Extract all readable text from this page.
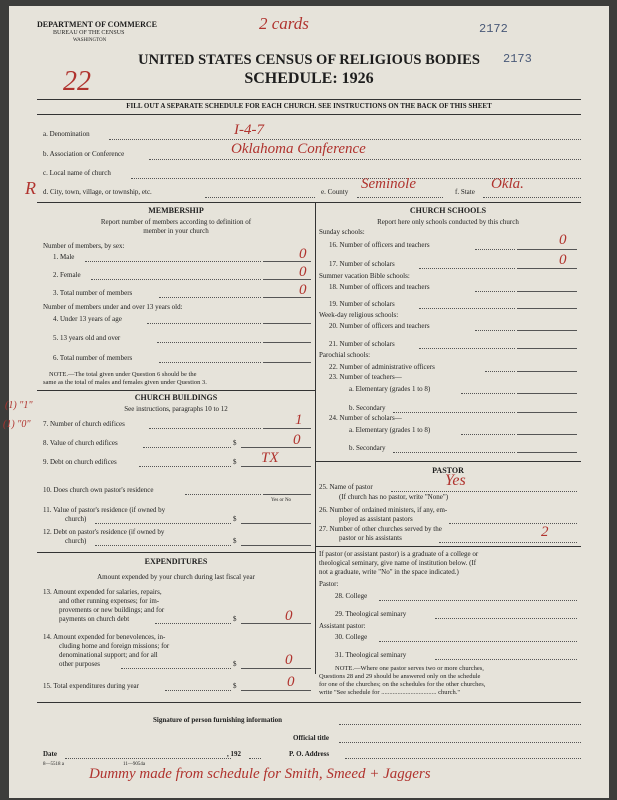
DEPARTMENT OF COMMERCE
BUREAU OF THE CENSUS
WASHINGTON
2 cards	2172
2173
UNITED STATES CENSUS OF RELIGIOUS BODIES
SCHEDULE: 1926
22
FILL OUT A SEPARATE SCHEDULE FOR EACH CHURCH. SEE INSTRUCTIONS ON THE BACK OF THIS SHEET
a. Denomination	I-4-7
b. Association or Conference	Oklahoma Conference
c. Local name of church
R d. City, town, village, or township, etc.	e. County Seminole	f. State Okla.
MEMBERSHIP
Report number of members according to definition of
member in your church
Number of members, by sex:
1. Male	0
2. Female	0
3. Total number of members	0
Number of members under and over 13 years old:
4. Under 13 years of age
5. 13 years old and over
6. Total number of members
NOTE.—The total given under Question 6 should be the
same as the total of males and females given under Question 3.
CHURCH BUILDINGS
See instructions, paragraphs 10 to 12
(1) "1"
(1) "0" 7. Number of church edifices	1
8. Value of church edifices	$	0
9. Debt on church edifices	$ TX
10. Does church own pastor's residence
Yes or No
11. Value of pastor's residence (if owned by
church)	$
12. Debt on pastor's residence (if owned by
church)	$
EXPENDITURES
Amount expended by your church during last fiscal year
13. Amount expended for salaries, repairs,
and other running expenses; for im-
provements or new buildings; and for
payments on church debt	$	0
14. Amount expended for benevolences, in-
cluding home and foreign missions; for
denominational support; and for all
other purposes	$	0
15. Total expenditures during year	$	0
CHURCH SCHOOLS
Report here only schools conducted by this church
Sunday schools:
16. Number of officers and teachers	0
17. Number of scholars	0
Summer vacation Bible schools:
18. Number of officers and teachers
19. Number of scholars
Week-day religious schools:
20. Number of officers and teachers
21. Number of scholars
Parochial schools:
22. Number of administrative officers
23. Number of teachers—
a. Elementary (grades 1 to 8)
b. Secondary
24. Number of scholars—
a. Elementary (grades 1 to 8)
b. Secondary
PASTOR
25. Name of pastor	Yes
(If church has no pastor, write "None")
26. Number of ordained ministers, if any, em-
ployed as assistant pastors
27. Number of other churches served by the
pastor or his assistants	2
If pastor (or assistant pastor) is a graduate of a college or
theological seminary, give name of institution below. (If
not a graduate, write "No" in the space indicated.)
Pastor:
28. College
29. Theological seminary
Assistant pastor:
30. College
31. Theological seminary
NOTE.—Where one pastor serves two or more churches,
Questions 28 and 29 should be answered only on the schedule
for one of the churches; on the schedules for the other churches,
write "See schedule for .................................. church."
Signature of person furnishing information
Official title
Date	, 192	P. O. Address
8—5518 a	11—9054a
Dummy made from schedule for Smith, Smeed + Jaggers
